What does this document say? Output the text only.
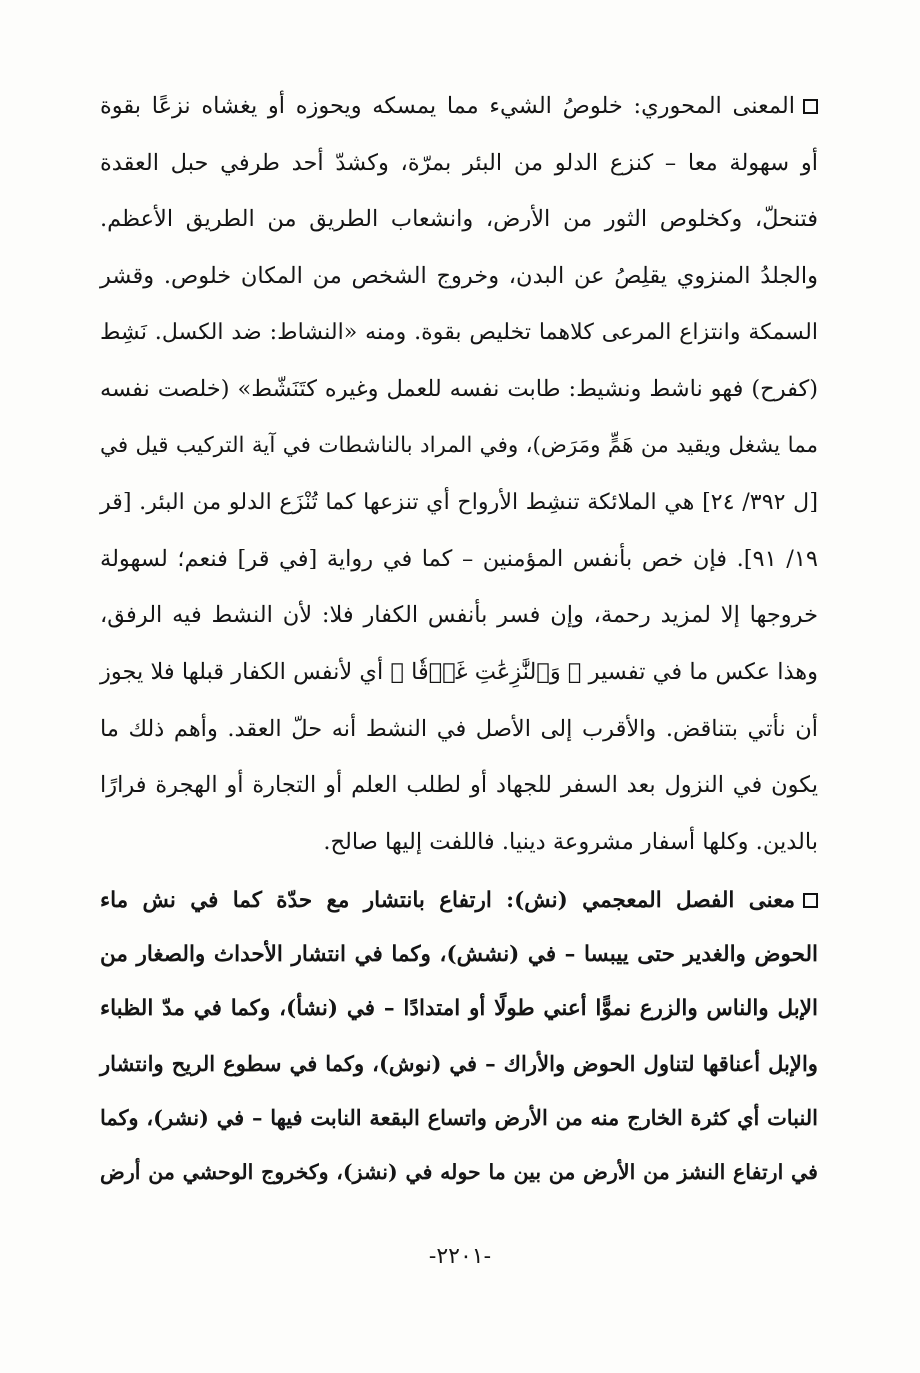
المعنى المحوري: خلوصُ الشيء مما يمسكه ويحوزه أو يغشاه نزعًا بقوة
أو سهولة معا – كنزع الدلو من البئر بمرّة، وكشدّ أحد طرفي حبل العقدة
فتنحلّ، وكخلوص الثور من الأرض، وانشعاب الطريق من الطريق الأعظم.
والجلدُ المنزوي يقلِصُ عن البدن، وخروج الشخص من المكان خلوص. وقشر
السمكة وانتزاع المرعى كلاهما تخليص بقوة. ومنه «النشاط: ضد الكسل. نَشِط
(كفرح) فهو ناشط ونشيط: طابت نفسه للعمل وغيره كتَنَشّط» (خلصت نفسه
مما يشغل ويقيد من هَمٍّ ومَرَض)، وفي المراد بالناشطات في آية التركيب قيل في
[ل ٣٩٢/ ٢٤] هي الملائكة تنشِط الأرواح أي تنزعها كما تُنْزَع الدلو من البئر. [قر
١٩/ ٩١]. فإن خص بأنفس المؤمنين – كما في رواية [في قر] فنعم؛ لسهولة
خروجها إلا لمزيد رحمة، وإن فسر بأنفس الكفار فلا: لأن النشط فيه الرفق،
وهذا عكس ما في تفسير ﴿ وَٱلنَّٰزِعَٰتِ غَرۡقٗا ﴾ أي لأنفس الكفار قبلها فلا يجوز
أن نأتي بتناقض. والأقرب إلى الأصل في النشط أنه حلّ العقد. وأهم ذلك ما
يكون في النزول بعد السفر للجهاد أو لطلب العلم أو التجارة أو الهجرة فرارًا
بالدين. وكلها أسفار مشروعة دينيا. فاللفت إليها صالح.
معنى الفصل المعجمي (نش): ارتفاع بانتشار مع حدّة كما في نش ماء
الحوض والغدير حتى ييبسا – في (نشش)، وكما في انتشار الأحداث والصغار من
الإبل والناس والزرع نموًّا أعني طولًا أو امتدادًا – في (نشأ)، وكما في مدّ الظباء
والإبل أعناقها لتناول الحوض والأراك – في (نوش)، وكما في سطوع الريح وانتشار
النبات أي كثرة الخارج منه من الأرض واتساع البقعة النابت فيها – في (نشر)، وكما
في ارتفاع النشز من الأرض من بين ما حوله في (نشز)، وكخروج الوحشي من أرض
-٢٢٠١-
